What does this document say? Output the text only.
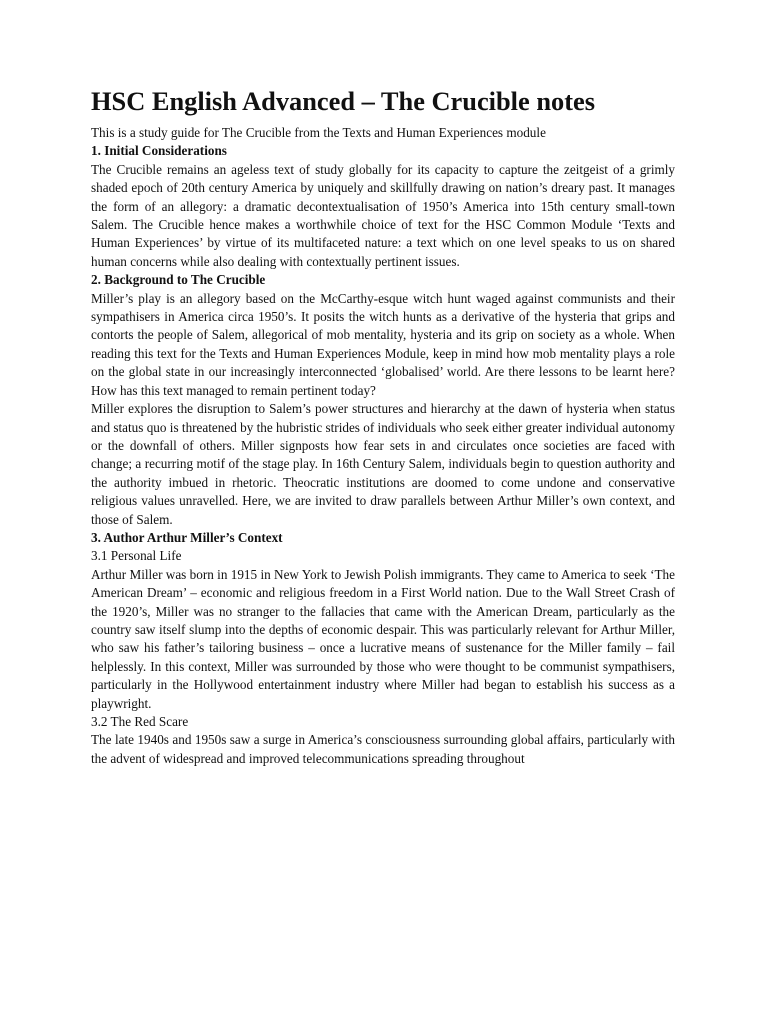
HSC English Advanced – The Crucible notes

This is a study guide for The Crucible from the Texts and Human Experiences module

1. Initial Considerations

The Crucible remains an ageless text of study globally for its capacity to capture the zeitgeist of a grimly shaded epoch of 20th century America by uniquely and skillfully drawing on nation’s dreary past. It manages the form of an allegory: a dramatic decontextualisation of 1950’s America into 15th century small-town Salem. The Crucible hence makes a worthwhile choice of text for the HSC Common Module ‘Texts and Human Experiences’ by virtue of its multifaceted nature: a text which on one level speaks to us on shared human concerns while also dealing with contextually pertinent issues.

2. Background to The Crucible

Miller’s play is an allegory based on the McCarthy-esque witch hunt waged against communists and their sympathisers in America circa 1950’s. It posits the witch hunts as a derivative of the hysteria that grips and contorts the people of Salem, allegorical of mob mentality, hysteria and its grip on society as a whole. When reading this text for the Texts and Human Experiences Module, keep in mind how mob mentality plays a role on the global state in our increasingly interconnected ‘globalised’ world. Are there lessons to be learnt here? How has this text managed to remain pertinent today?

Miller explores the disruption to Salem’s power structures and hierarchy at the dawn of hysteria when status and status quo is threatened by the hubristic strides of individuals who seek either greater individual autonomy or the downfall of others. Miller signposts how fear sets in and circulates once societies are faced with change; a recurring motif of the stage play. In 16th Century Salem, individuals begin to question authority and the authority imbued in rhetoric. Theocratic institutions are doomed to come undone and conservative religious values unravelled. Here, we are invited to draw parallels between Arthur Miller’s own context, and those of Salem.

3. Author Arthur Miller’s Context
3.1 Personal Life

Arthur Miller was born in 1915 in New York to Jewish Polish immigrants. They came to America to seek ‘The American Dream’ – economic and religious freedom in a First World nation. Due to the Wall Street Crash of the 1920’s, Miller was no stranger to the fallacies that came with the American Dream, particularly as the country saw itself slump into the depths of economic despair. This was particularly relevant for Arthur Miller, who saw his father’s tailoring business – once a lucrative means of sustenance for the Miller family – fail helplessly. In this context, Miller was surrounded by those who were thought to be communist sympathisers, particularly in the Hollywood entertainment industry where Miller had began to establish his success as a playwright.

3.2 The Red Scare

The late 1940s and 1950s saw a surge in America’s consciousness surrounding global affairs, particularly with the advent of widespread and improved telecommunications spreading throughout
